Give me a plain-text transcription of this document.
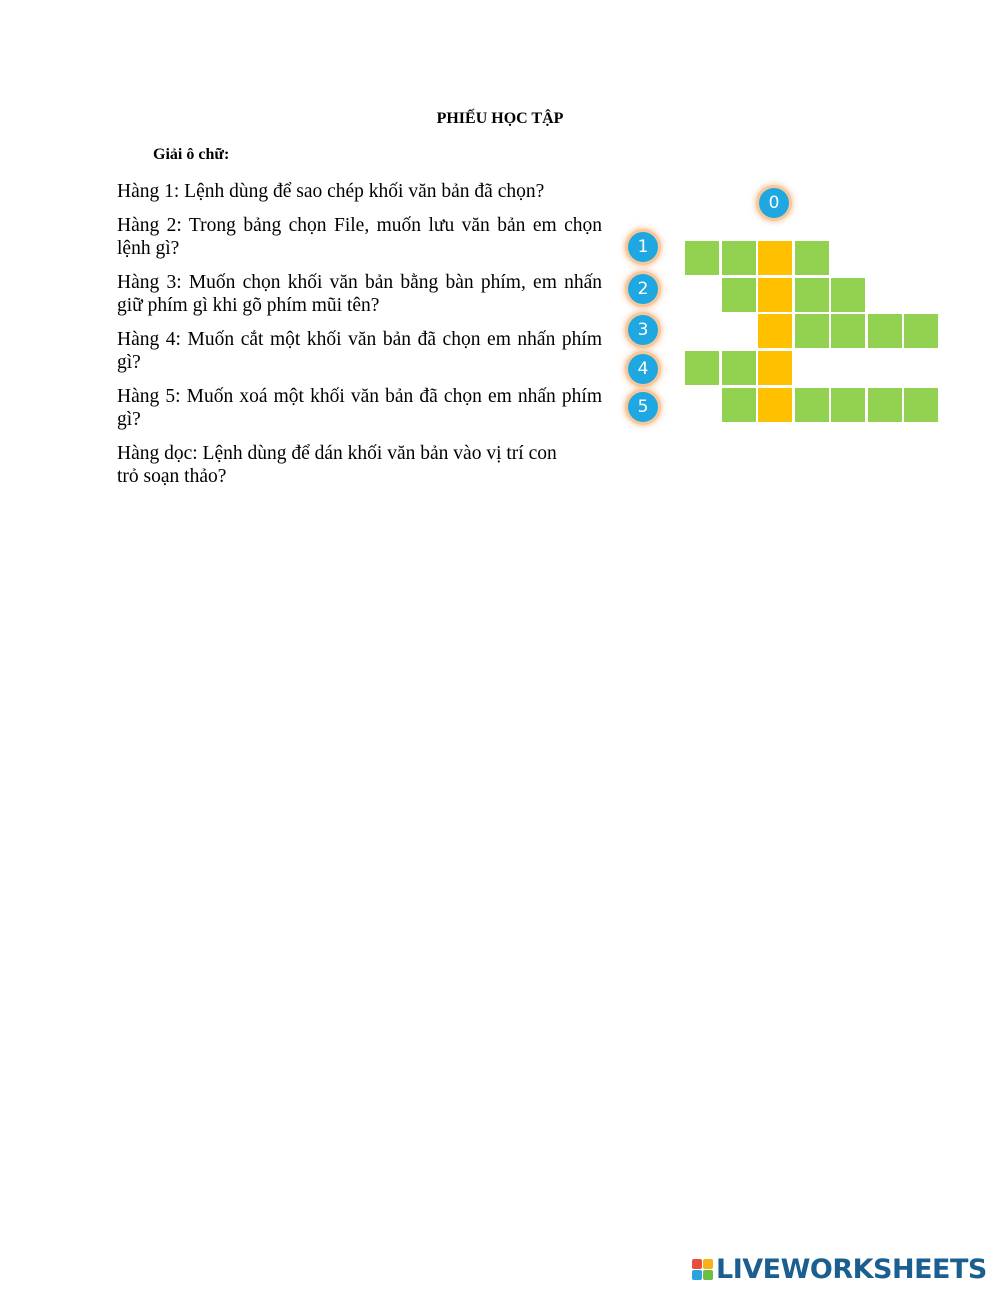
PHIẾU HỌC TẬP
Giải ô chữ:

Hàng 1: Lệnh dùng để sao chép khối văn bản đã chọn?

Hàng 2: Trong bảng chọn File, muốn lưu văn bản em chọn lệnh gì?

Hàng 3: Muốn chọn khối văn bản bằng bàn phím, em nhấn giữ phím gì khi gõ phím mũi tên?

Hàng 4: Muốn cắt một khối văn bản đã chọn em nhấn phím gì?

Hàng 5: Muốn xoá một khối văn bản đã chọn em nhấn phím gì?

Hàng dọc: Lệnh dùng để dán khối văn bản vào vị trí con trỏ soạn thảo?

0
1
2
3
4
5
LIVEWORKSHEETS
